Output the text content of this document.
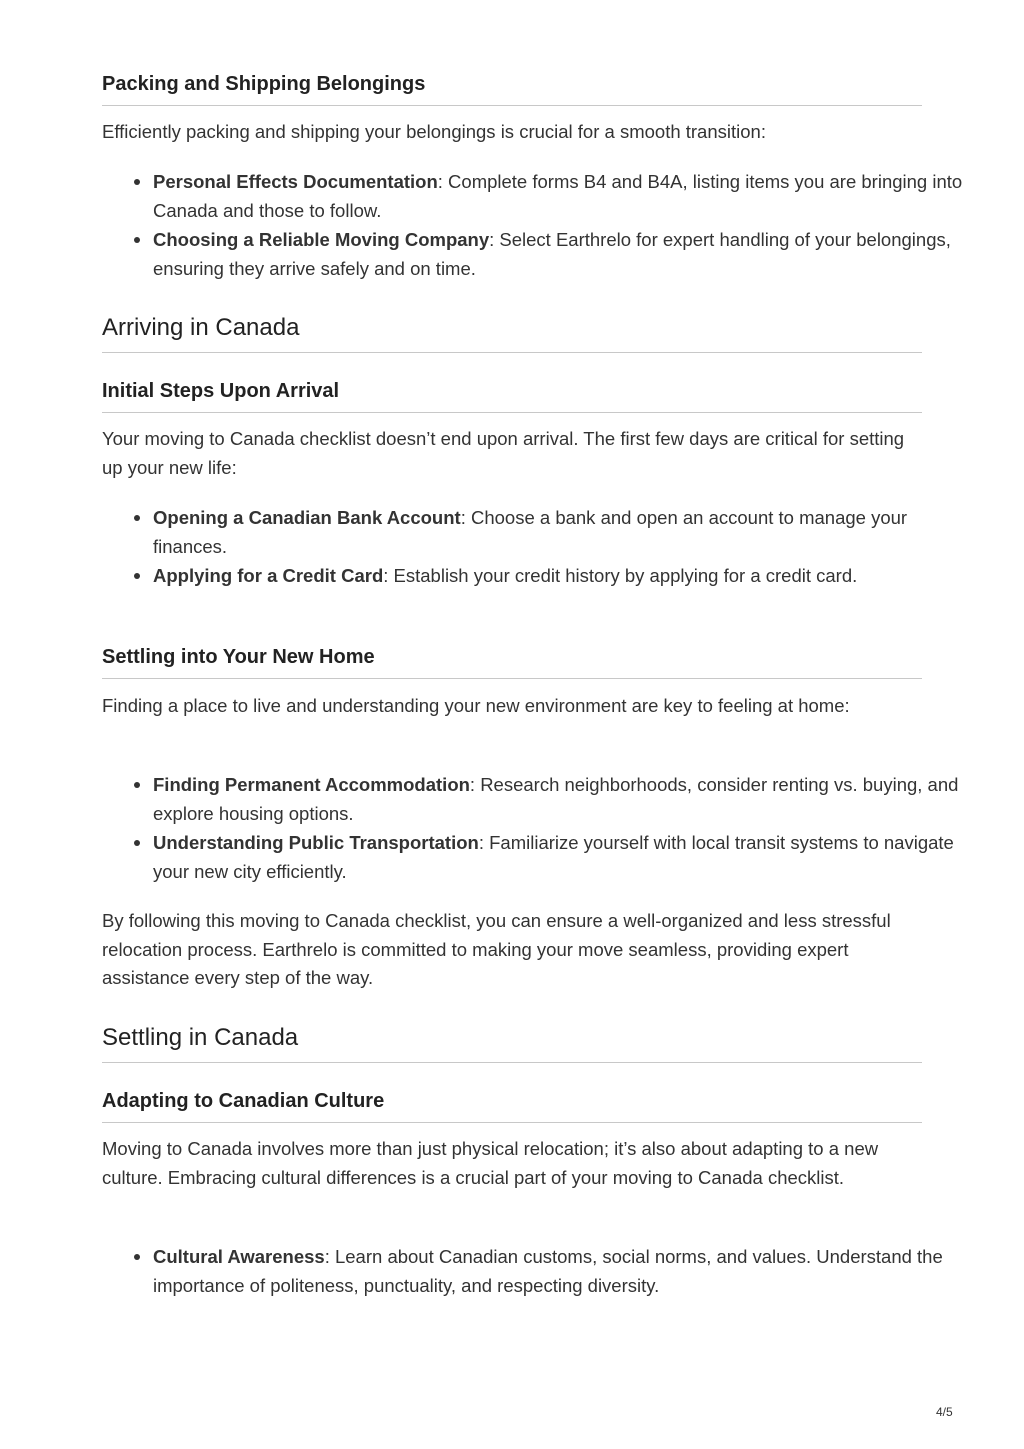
Packing and Shipping Belongings

Efficiently packing and shipping your belongings is crucial for a smooth transition:

Personal Effects Documentation: Complete forms B4 and B4A, listing items you are bringing into Canada and those to follow.
Choosing a Reliable Moving Company: Select Earthrelo for expert handling of your belongings, ensuring they arrive safely and on time.
Arriving in Canada
Initial Steps Upon Arrival

Your moving to Canada checklist doesn’t end upon arrival. The first few days are critical for setting up your new life:

Opening a Canadian Bank Account: Choose a bank and open an account to manage your finances.
Applying for a Credit Card: Establish your credit history by applying for a credit card.
Settling into Your New Home

Finding a place to live and understanding your new environment are key to feeling at home:

Finding Permanent Accommodation: Research neighborhoods, consider renting vs. buying, and explore housing options.
Understanding Public Transportation: Familiarize yourself with local transit systems to navigate your new city efficiently.

By following this moving to Canada checklist, you can ensure a well-organized and less stressful relocation process. Earthrelo is committed to making your move seamless, providing expert assistance every step of the way.

Settling in Canada
Adapting to Canadian Culture

Moving to Canada involves more than just physical relocation; it’s also about adapting to a new culture. Embracing cultural differences is a crucial part of your moving to Canada checklist.

Cultural Awareness: Learn about Canadian customs, social norms, and values. Understand the importance of politeness, punctuality, and respecting diversity.
4/5
